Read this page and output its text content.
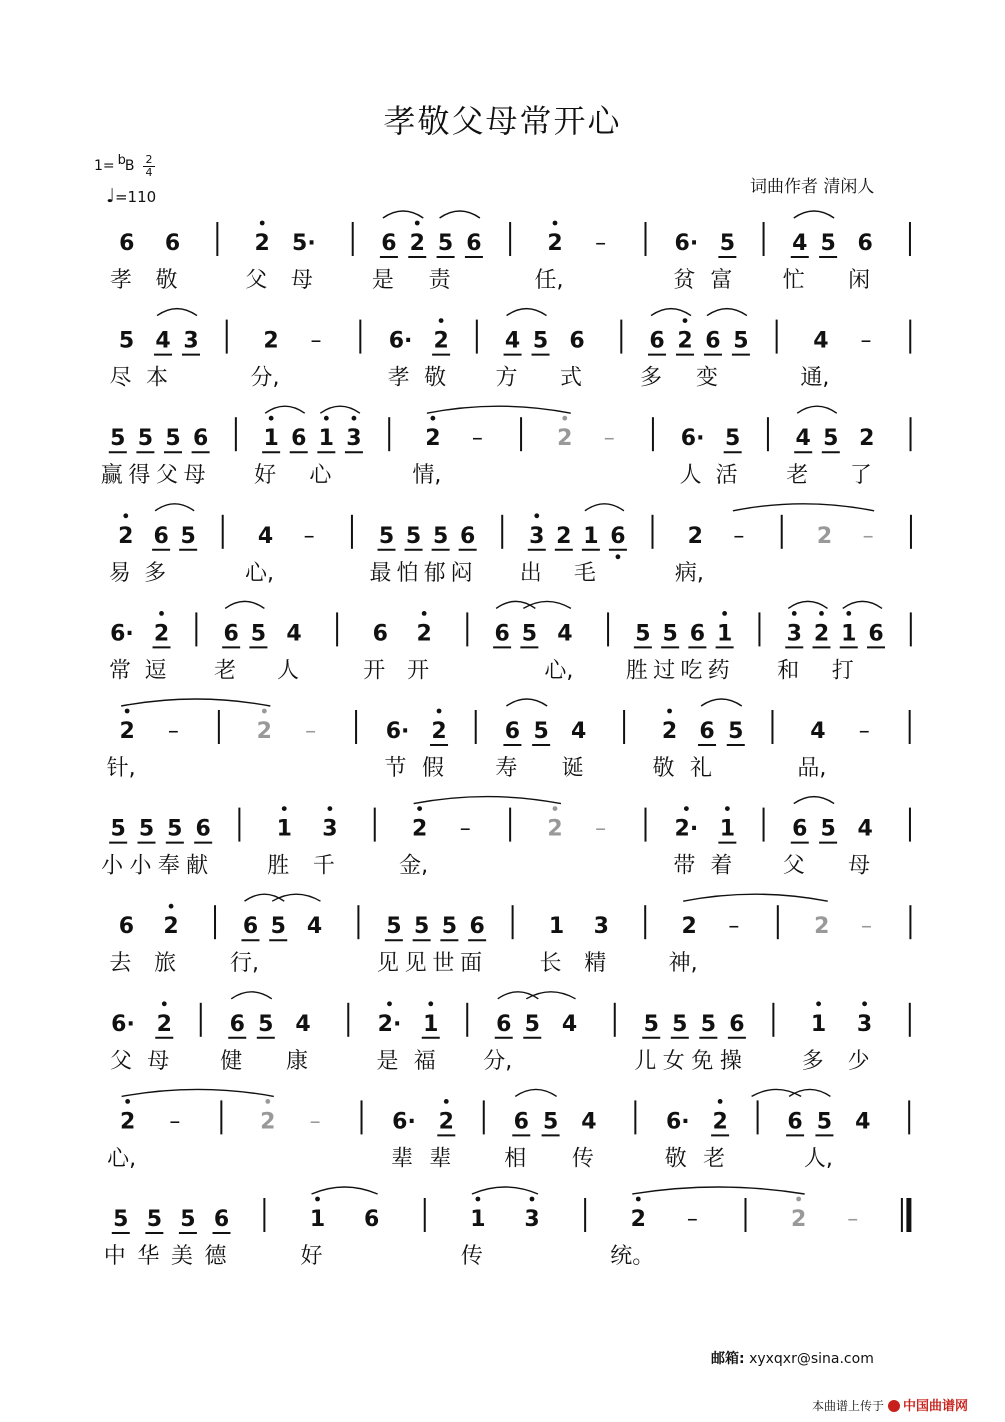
孝敬父母常开心
1= bB 2
4
♩=110	词曲作者 清闲人
6 6	2 5·	6 2 5 6	2 –	6· 5	4 5 6
孝 敬	父 母	是 责	任,	贫 富 忙 闲
5 4 3	2 –	6· 2	4 5 6	6 2 6 5	4 –
尽 本	分,	孝 敬 方 式	多 变	通,
5 5 5 6	1 6 1 3	2 –	2 –	6· 5	4 5 2
赢 得 父 母 好 心	情,	人 活 老 了
2 6 5	4 –	5 5 5 6 3 2 1 6	2 –	2 –
易 多	心,	最 怕 郁 闷 出 毛	病,
6· 2 6 5 4	6 2	6 5 4	5 5 6 1 3 2 1 6
常 逗 老 人	开 开	心, 胜 过 吃 药 和 打
2 –	2 –	6· 2	6 5 4	2 6 5	4 –
针,	节 假 寿 诞	敬 礼	品,
5 5 5 6	1 3	2 –	2 –	2· 1	6 5 4
小 小 奉 献	胜 千	金,	带 着 父 母
6 2	6 5 4	5 5 5 6	1 3	2 –	2 –
去 旅 行,	见 见 世 面	长 精	神,
6· 2	6 5 4	2· 1	6 5 4	5 5 5 6	1 3
父 母 健 康	是 福 分,	儿 女 免 操	多 少
2 –	2 –	6· 2	6 5 4	6· 2	6 5 4
心,	辈 辈 相 传	敬 老	人,
5 5 5 6	1 6	1 3	2 –	2 –
中 华 美 德	好	传	统。
邮箱: xyxqxr@sina.com
本曲谱上传于 中国曲谱网
